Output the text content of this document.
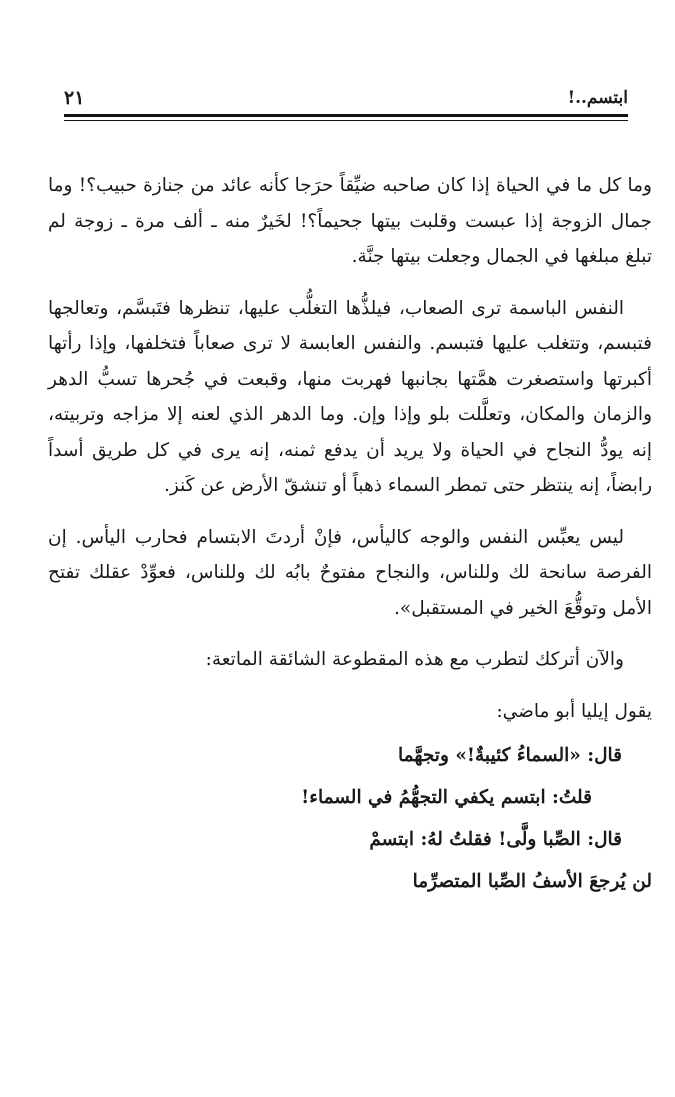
ابتسم..!
٢١

وما كل ما في الحياة إذا كان صاحبه ضيِّقاً حرَجا كأنه عائد من جنازة حبيب؟! وما جمال الزوجة إذا عبست وقلبت بيتها جحيماً؟! لخَيرٌ منه ـ ألف مرة ـ زوجة لم تبلغ مبلغها في الجمال وجعلت بيتها جنَّة.

النفس الباسمة ترى الصعاب، فيلذُّها التغلُّب عليها، تنظرها فتَبسَّم، وتعالجها فتبسم، وتتغلب عليها فتبسم. والنفس العابسة لا ترى صعاباً فتخلفها، وإذا رأتها أكبرتها واستصغرت همَّتها بجانبها فهربت منها، وقبعت في جُحرها تسبُّ الدهر والزمان والمكان، وتعلَّلت بلو وإذا وإن. وما الدهر الذي لعنه إلا مزاجه وتربيته، إنه يودُّ النجاح في الحياة ولا يريد أن يدفع ثمنه، إنه يرى في كل طريق أسداً رابضاً، إنه ينتظر حتى تمطر السماء ذهباً أو تنشقّ الأرض عن كَنز.

ليس يعبِّس النفس والوجه كاليأس، فإنْ أردتَ الابتسام فحارب اليأس. إن الفرصة سانحة لك وللناس، والنجاح مفتوحٌ بابُه لك وللناس، فعوِّدْ عقلك تفتح الأمل وتوقُّعَ الخير في المستقبل».

والآن أتركك لتطرب مع هذه المقطوعة الشائقة الماتعة:

يقول إيليا أبو ماضي:

قال: «السماءُ كئيبةٌ!» وتجهَّما

قلتُ: ابتسم يكفي التجهُّمُ في السماء!

قال: الصِّبا ولَّى! فقلتُ لهُ: ابتسمْ

لن يُرجعَ الأسفُ الصِّبا المتصرِّما
